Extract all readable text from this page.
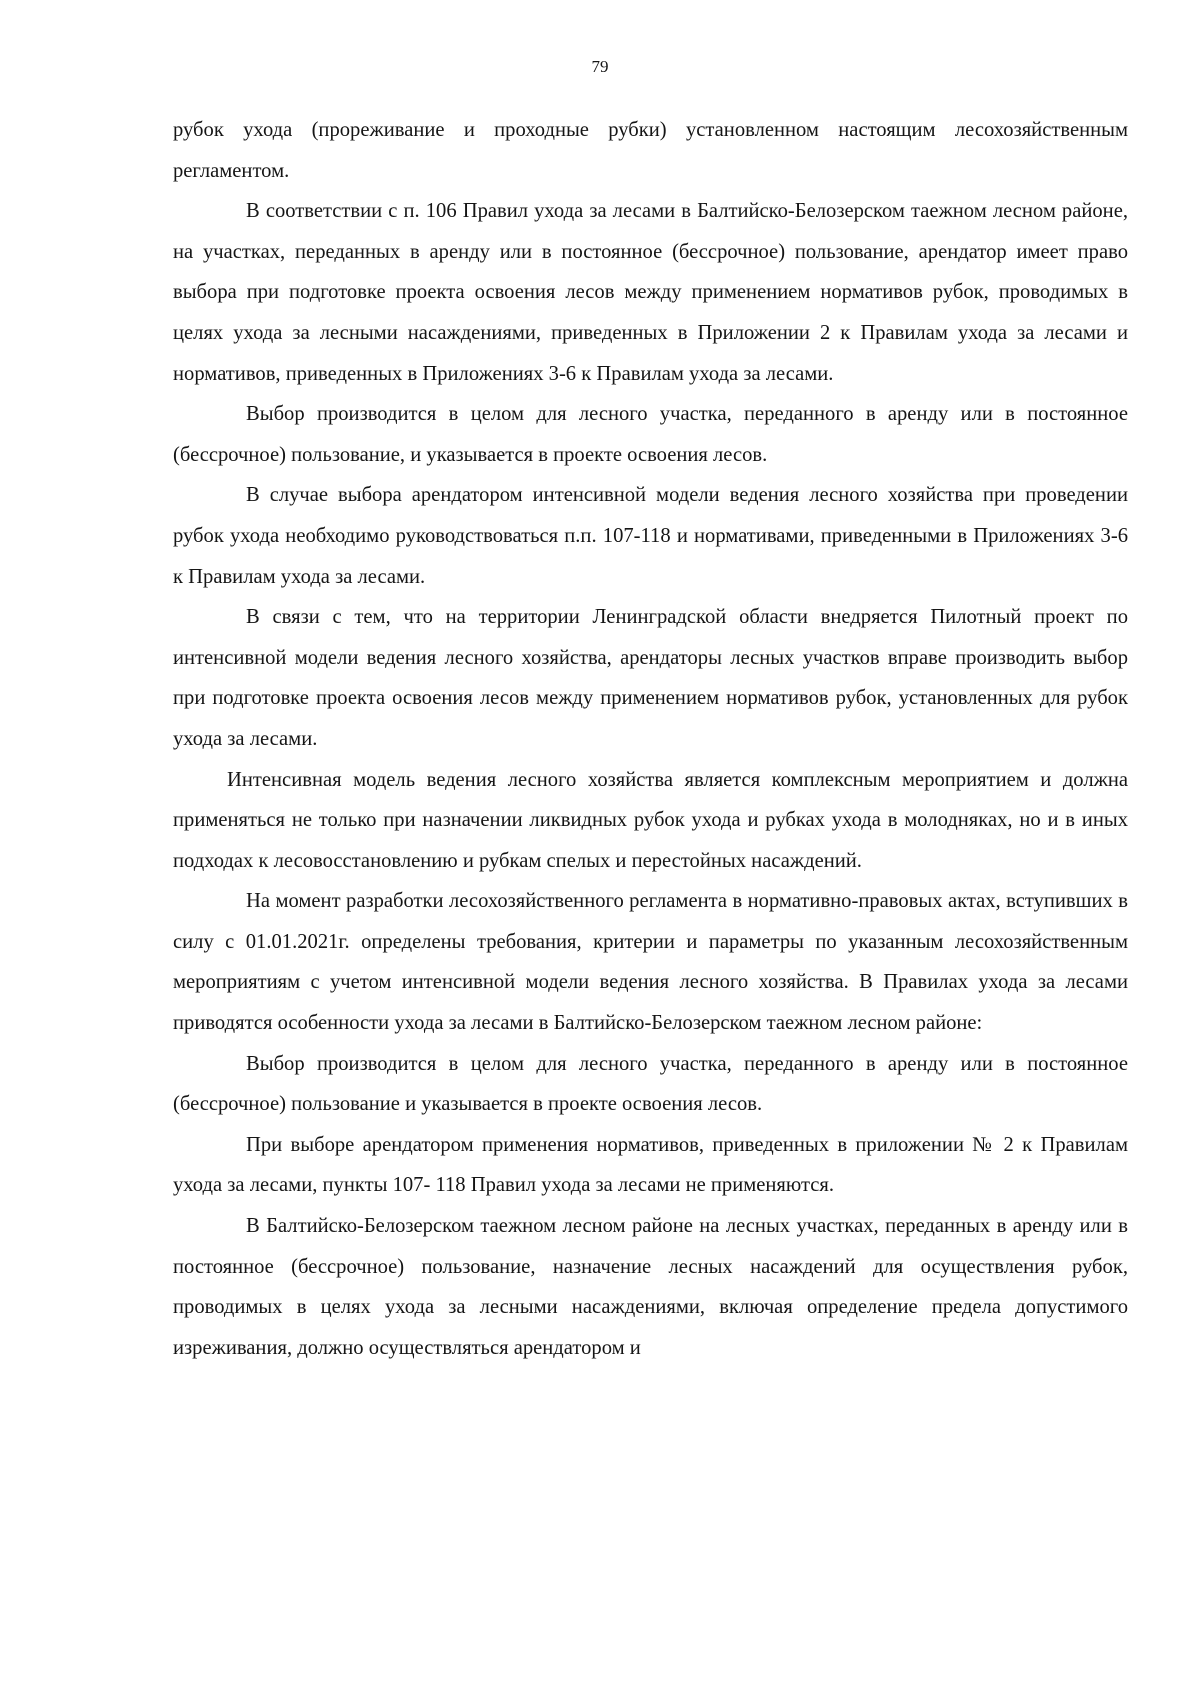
79

рубок ухода (прореживание и проходные рубки) установленном настоящим лесохозяйственным регламентом.

В соответствии с п. 106 Правил ухода за лесами в Балтийско-Белозерском таежном лесном районе, на участках, переданных в аренду или в постоянное (бессрочное) пользование, арендатор имеет право выбора при подготовке проекта освоения лесов между применением нормативов рубок, проводимых в целях ухода за лесными насаждениями, приведенных в Приложении 2 к Правилам ухода за лесами и нормативов, приведенных в Приложениях 3-6 к Правилам ухода за лесами.

Выбор производится в целом для лесного участка, переданного в аренду или в постоянное (бессрочное) пользование, и указывается в проекте освоения лесов.

В случае выбора арендатором интенсивной модели ведения лесного хозяйства при проведении рубок ухода необходимо руководствоваться п.п. 107-118 и нормативами, приведенными в Приложениях 3-6 к Правилам ухода за лесами.

В связи с тем, что на территории Ленинградской области внедряется Пилотный проект по интенсивной модели ведения лесного хозяйства, арендаторы лесных участков вправе производить выбор при подготовке проекта освоения лесов между применением нормативов рубок, установленных для рубок ухода за лесами.

Интенсивная модель ведения лесного хозяйства является комплексным мероприятием и должна применяться не только при назначении ликвидных рубок ухода и рубках ухода в молодняках, но и в иных подходах к лесовосстановлению и рубкам спелых и перестойных насаждений.

На момент разработки лесохозяйственного регламента в нормативно-правовых актах, вступивших в силу с 01.01.2021г. определены требования, критерии и параметры по указанным лесохозяйственным мероприятиям с учетом интенсивной модели ведения лесного хозяйства. В Правилах ухода за лесами приводятся особенности ухода за лесами в Балтийско-Белозерском таежном лесном районе:

Выбор производится в целом для лесного участка, переданного в аренду или в постоянное (бессрочное) пользование и указывается в проекте освоения лесов.

При выборе арендатором применения нормативов, приведенных в приложении № 2 к Правилам ухода за лесами, пункты 107- 118 Правил ухода за лесами не применяются.

В Балтийско-Белозерском таежном лесном районе на лесных участках, переданных в аренду или в постоянное (бессрочное) пользование, назначение лесных насаждений для осуществления рубок, проводимых в целях ухода за лесными насаждениями, включая определение предела допустимого изреживания, должно осуществляться арендатором и
